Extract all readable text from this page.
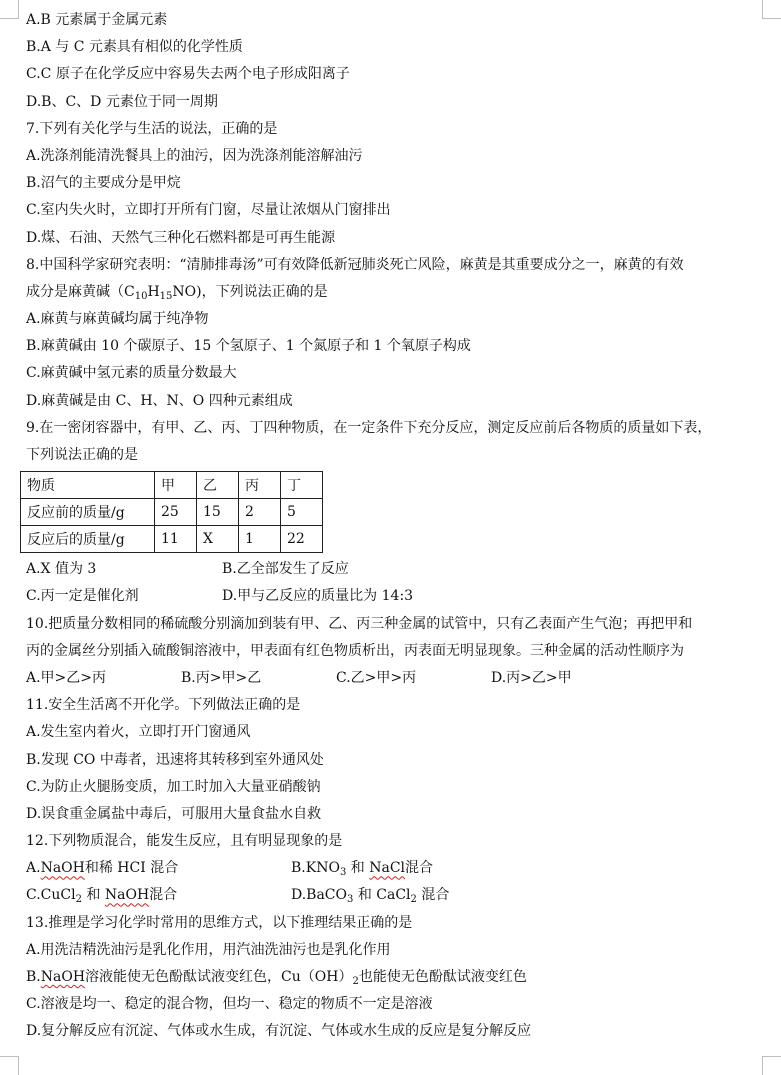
A.B 元素属于金属元素
B.A 与 C 元素具有相似的化学性质
C.C 原子在化学反应中容易失去两个电子形成阳离子
D.B、C、D 元素位于同一周期
7.下列有关化学与生活的说法，正确的是
A.洗涤剂能清洗餐具上的油污，因为洗涤剂能溶解油污
B.沼气的主要成分是甲烷
C.室内失火时，立即打开所有门窗，尽量让浓烟从门窗排出
D.煤、石油、天然气三种化石燃料都是可再生能源
8.中国科学家研究表明：“清肺排毒汤”可有效降低新冠肺炎死亡风险，麻黄是其重要成分之一，麻黄的有效
成分是麻黄碱$(C_{10}H_{15}NO)$，下列说法正确的是
A.麻黄与麻黄碱均属于纯净物
B.麻黄碱由 10 个碳原子、15 个氢原子、1 个氮原子和 1 个氧原子构成
C.麻黄碱中氢元素的质量分数最大
D.麻黄碱是由 C、H、N、O 四种元素组成
9.在一密闭容器中，有甲、乙、丙、丁四种物质，在一定条件下充分反应，测定反应前后各物质的质量如下表，
下列说法正确的是
物质	甲	乙	丙	丁
反应前的质量/g	25	15	2	5
反应后的质量/g	11	X	1	22
A.X 值为 3	B.乙全部发生了反应
C.丙一定是催化剂	D.甲与乙反应的质量比为 14:3
10.把质量分数相同的稀硫酸分别滴加到装有甲、乙、丙三种金属的试管中，只有乙表面产生气泡；再把甲和
丙的金属丝分别插入硫酸铜溶液中，甲表面有红色物质析出，丙表面无明显现象。三种金属的活动性顺序为
A.甲>乙>丙	B.丙>甲>乙	C.乙>甲>丙	D.丙>乙>甲
11.安全生活离不开化学。下列做法正确的是
A.发生室内着火，立即打开门窗通风
B.发现 CO 中毒者，迅速将其转移到室外通风处
C.为防止火腿肠变质，加工时加入大量亚硝酸钠
D.误食重金属盐中毒后，可服用大量食盐水自救
12.下列物质混合，能发生反应，且有明显现象的是
A.NaOH和稀 HCI 混合	$B.KNO_3$ 和 NaCl混合
C.CuCl$_2$ 和 NaOH混合	D.BaCO$_3$ 和 CaCl$_2$ 混合
13.推理是学习化学时常用的思维方式，以下推理结果正确的是
A.用洗洁精洗油污是乳化作用，用汽油洗油污也是乳化作用
B.NaOH溶液能使无色酚酞试液变红色，$Cu(OH)_2$也能使无色酚酞试液变红色
C.溶液是均一、稳定的混合物，但均一、稳定的物质不一定是溶液
D.复分解反应有沉淀、气体或水生成，有沉淀、气体或水生成的反应是复分解反应
